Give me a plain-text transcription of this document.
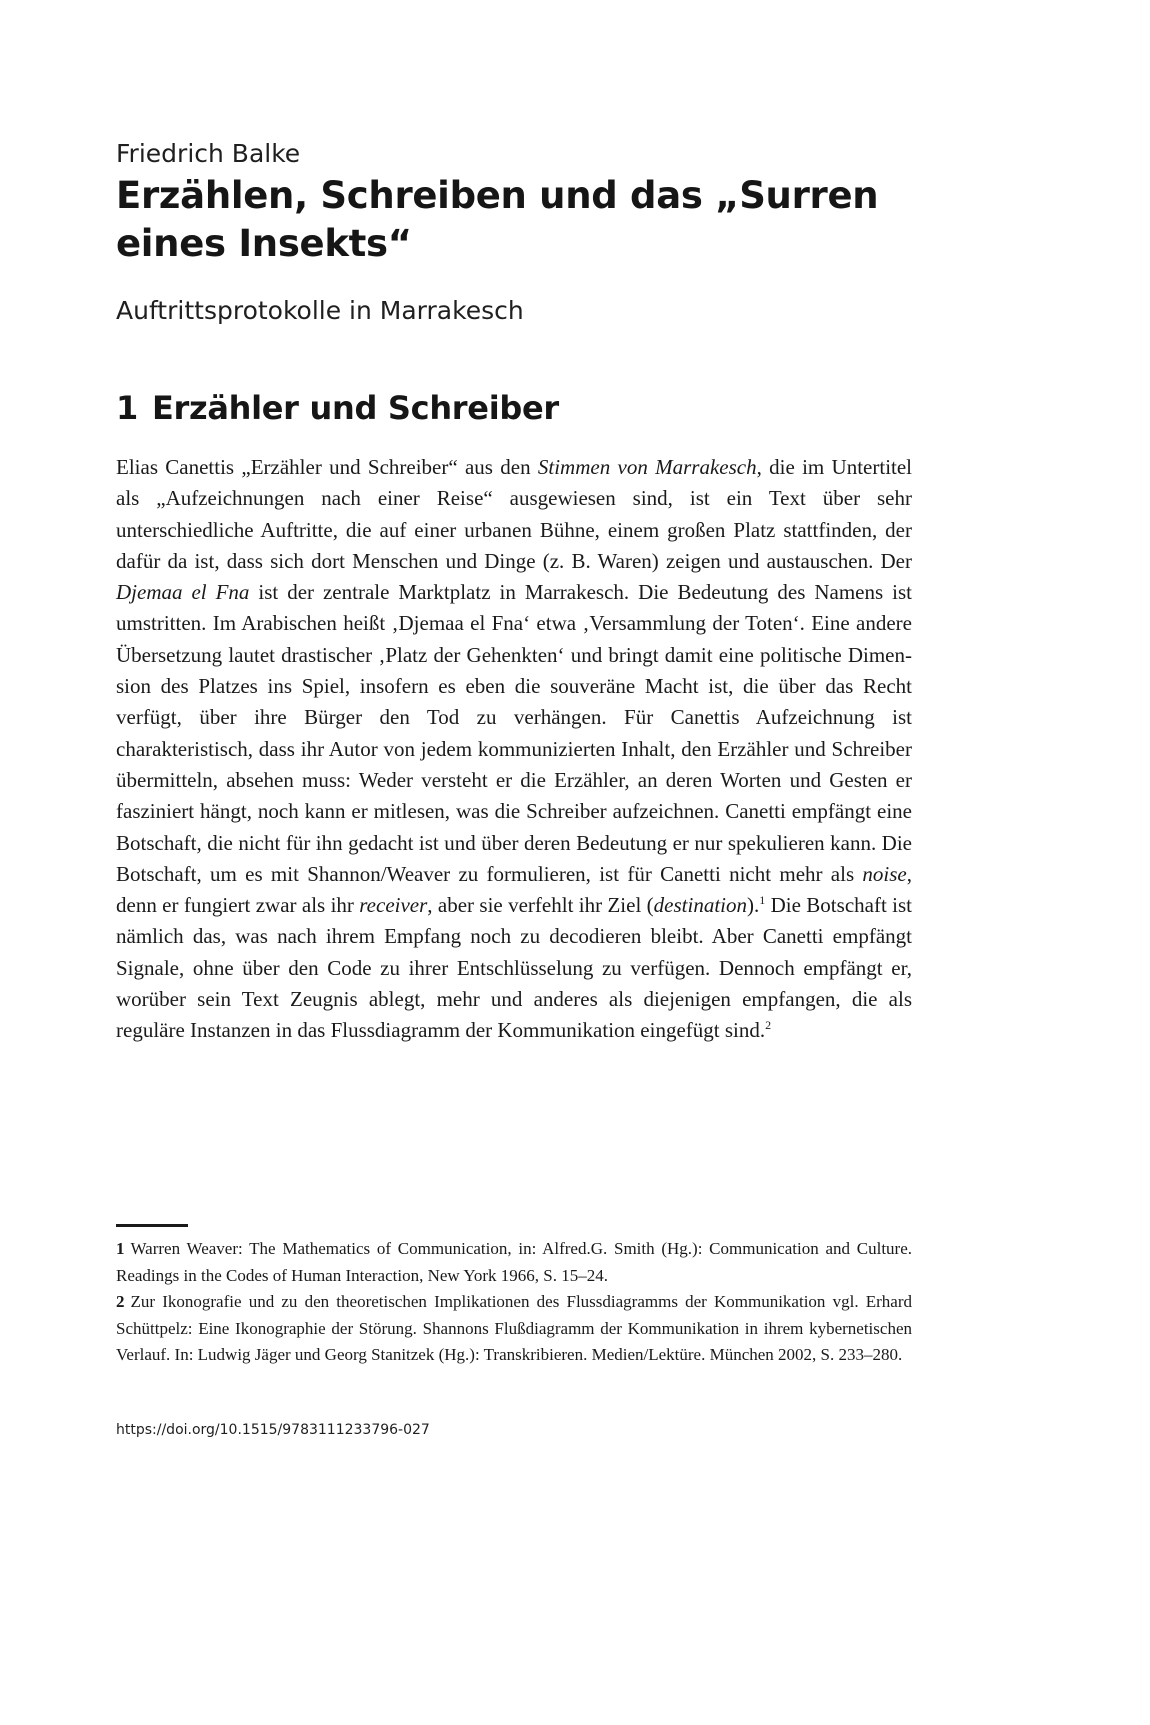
Friedrich Balke
Erzählen, Schreiben und das „Surren eines Insekts“
Auftrittsprotokolle in Marrakesch
1 Erzähler und Schreiber

Elias Canettis „Erzähler und Schreiber“ aus den Stimmen von Marrakesch, die im Untertitel als „Aufzeichnungen nach einer Reise“ ausgewiesen sind, ist ein Text über sehr unterschiedliche Auftritte, die auf einer urbanen Bühne, einem großen Platz stattfinden, der dafür da ist, dass sich dort Menschen und Dinge (z. B. Waren) zeigen und austauschen. Der Djemaa el Fna ist der zentrale Marktplatz in Marrakesch. Die Bedeutung des Namens ist umstritten. Im Arabischen heißt ‚Djemaa el Fna‘ etwa ‚Versammlung der Toten‘. Eine andere Übersetzung lautet drastischer ‚Platz der Gehenkten‘ und bringt damit eine politische Dimension des Platzes ins Spiel, insofern es eben die souveräne Macht ist, die über das Recht verfügt, über ihre Bürger den Tod zu verhängen. Für Canettis Aufzeichnung ist charakteristisch, dass ihr Autor von jedem kommunizierten Inhalt, den Erzähler und Schreiber übermitteln, absehen muss: Weder versteht er die Erzähler, an deren Worten und Gesten er fasziniert hängt, noch kann er mitlesen, was die Schreiber aufzeichnen. Canetti empfängt eine Botschaft, die nicht für ihn gedacht ist und über deren Bedeutung er nur spekulieren kann. Die Botschaft, um es mit Shannon/Weaver zu formulieren, ist für Canetti nicht mehr als noise, denn er fungiert zwar als ihr receiver, aber sie verfehlt ihr Ziel (destination).$^1$ Die Botschaft ist nämlich das, was nach ihrem Empfang noch zu decodieren bleibt. Aber Canetti empfängt Signale, ohne über den Code zu ihrer Entschlüsselung zu verfügen. Dennoch empfängt er, worüber sein Text Zeugnis ablegt, mehr und anderes als diejenigen empfangen, die als reguläre Instanzen in das Flussdiagramm der Kommunikation eingefügt sind.$^2$

1 Warren Weaver: The Mathematics of Communication, in: Alfred.G. Smith (Hg.): Communication and Culture. Readings in the Codes of Human Interaction, New York 1966, S. 15–24.

2 Zur Ikonografie und zu den theoretischen Implikationen des Flussdiagramms der Kommunikation vgl. Erhard Schüttpelz: Eine Ikonographie der Störung. Shannons Flußdiagramm der Kommunikation in ihrem kybernetischen Verlauf. In: Ludwig Jäger und Georg Stanitzek (Hg.): Transkribieren. Medien/Lektüre. München 2002, S. 233–280.

https://doi.org/10.1515/9783111233796-027
